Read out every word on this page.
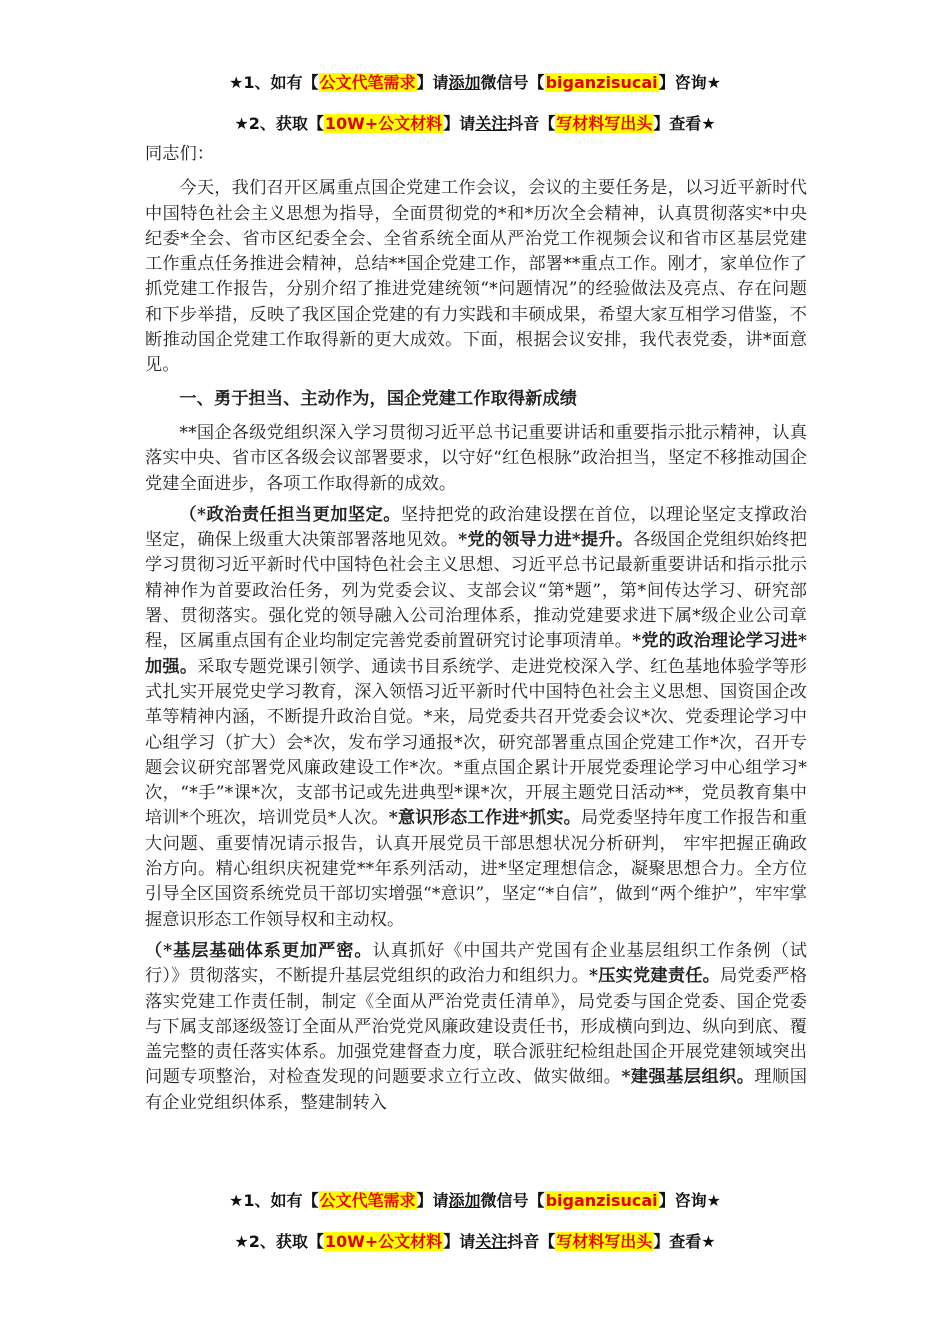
★1、如有【公文代笔需求】请添加微信号【biganzisucai】咨询★
★2、获取【10W+公文材料】请关注抖音【写材料写出头】查看★

同志们：

今天，我们召开区属重点国企党建工作会议，会议的主要任务是，以习近平新时代中国特色社会主义思想为指导，全面贯彻党的*和*历次全会精神，认真贯彻落实*中央纪委*全会、省市区纪委全会、全省系统全面从严治党工作视频会议和省市区基层党建工作重点任务推进会精神，总结**国企党建工作，部署**重点工作。刚才，家单位作了抓党建工作报告，分别介绍了推进党建统领“*问题情况”的经验做法及亮点、存在问题和下步举措，反映了我区国企党建的有力实践和丰硕成果，希望大家互相学习借鉴，不断推动国企党建工作取得新的更大成效。下面，根据会议安排，我代表党委，讲*面意见。

一、勇于担当、主动作为，国企党建工作取得新成绩

**国企各级党组织深入学习贯彻习近平总书记重要讲话和重要指示批示精神，认真落实中央、省市区各级会议部署要求，以守好“红色根脉”政治担当，坚定不移推动国企党建全面进步，各项工作取得新的成效。

（*政治责任担当更加坚定。坚持把党的政治建设摆在首位，以理论坚定支撑政治坚定，确保上级重大决策部署落地见效。*党的领导力进*提升。各级国企党组织始终把学习贯彻习近平新时代中国特色社会主义思想、习近平总书记最新重要讲话和指示批示精神作为首要政治任务，列为党委会议、支部会议“第*题”，第*间传达学习、研究部署、贯彻落实。强化党的领导融入公司治理体系，推动党建要求进下属*级企业公司章程，区属重点国有企业均制定完善党委前置研究讨论事项清单。*党的政治理论学习进*加强。采取专题党课引领学、通读书目系统学、走进党校深入学、红色基地体验学等形式扎实开展党史学习教育，深入领悟习近平新时代中国特色社会主义思想、国资国企改革等精神内涵，不断提升政治自觉。*来，局党委共召开党委会议*次、党委理论学习中心组学习（扩大）会*次，发布学习通报*次，研究部署重点国企党建工作*次，召开专题会议研究部署党风廉政建设工作*次。*重点国企累计开展党委理论学习中心组学习*次，“*手”*课*次，支部书记或先进典型*课*次，开展主题党日活动**，党员教育集中培训*个班次，培训党员*人次。*意识形态工作进*抓实。局党委坚持年度工作报告和重大问题、重要情况请示报告，认真开展党员干部思想状况分析研判， 牢牢把握正确政治方向。精心组织庆祝建党**年系列活动，进*坚定理想信念，凝聚思想合力。全方位引导全区国资系统党员干部切实增强“*意识”，坚定“*自信”，做到“两个维护”，牢牢掌握意识形态工作领导权和主动权。

（*基层基础体系更加严密。认真抓好《中国共产党国有企业基层组织工作条例（试行）》贯彻落实，不断提升基层党组织的政治力和组织力。*压实党建责任。局党委严格落实党建工作责任制，制定《全面从严治党责任清单》，局党委与国企党委、国企党委与下属支部逐级签订全面从严治党党风廉政建设责任书，形成横向到边、纵向到底、覆盖完整的责任落实体系。加强党建督查力度，联合派驻纪检组赴国企开展党建领域突出问题专项整治，对检查发现的问题要求立行立改、做实做细。*建强基层组织。理顺国有企业党组织体系，整建制转入

★1、如有【公文代笔需求】请添加微信号【biganzisucai】咨询★
★2、获取【10W+公文材料】请关注抖音【写材料写出头】查看★
